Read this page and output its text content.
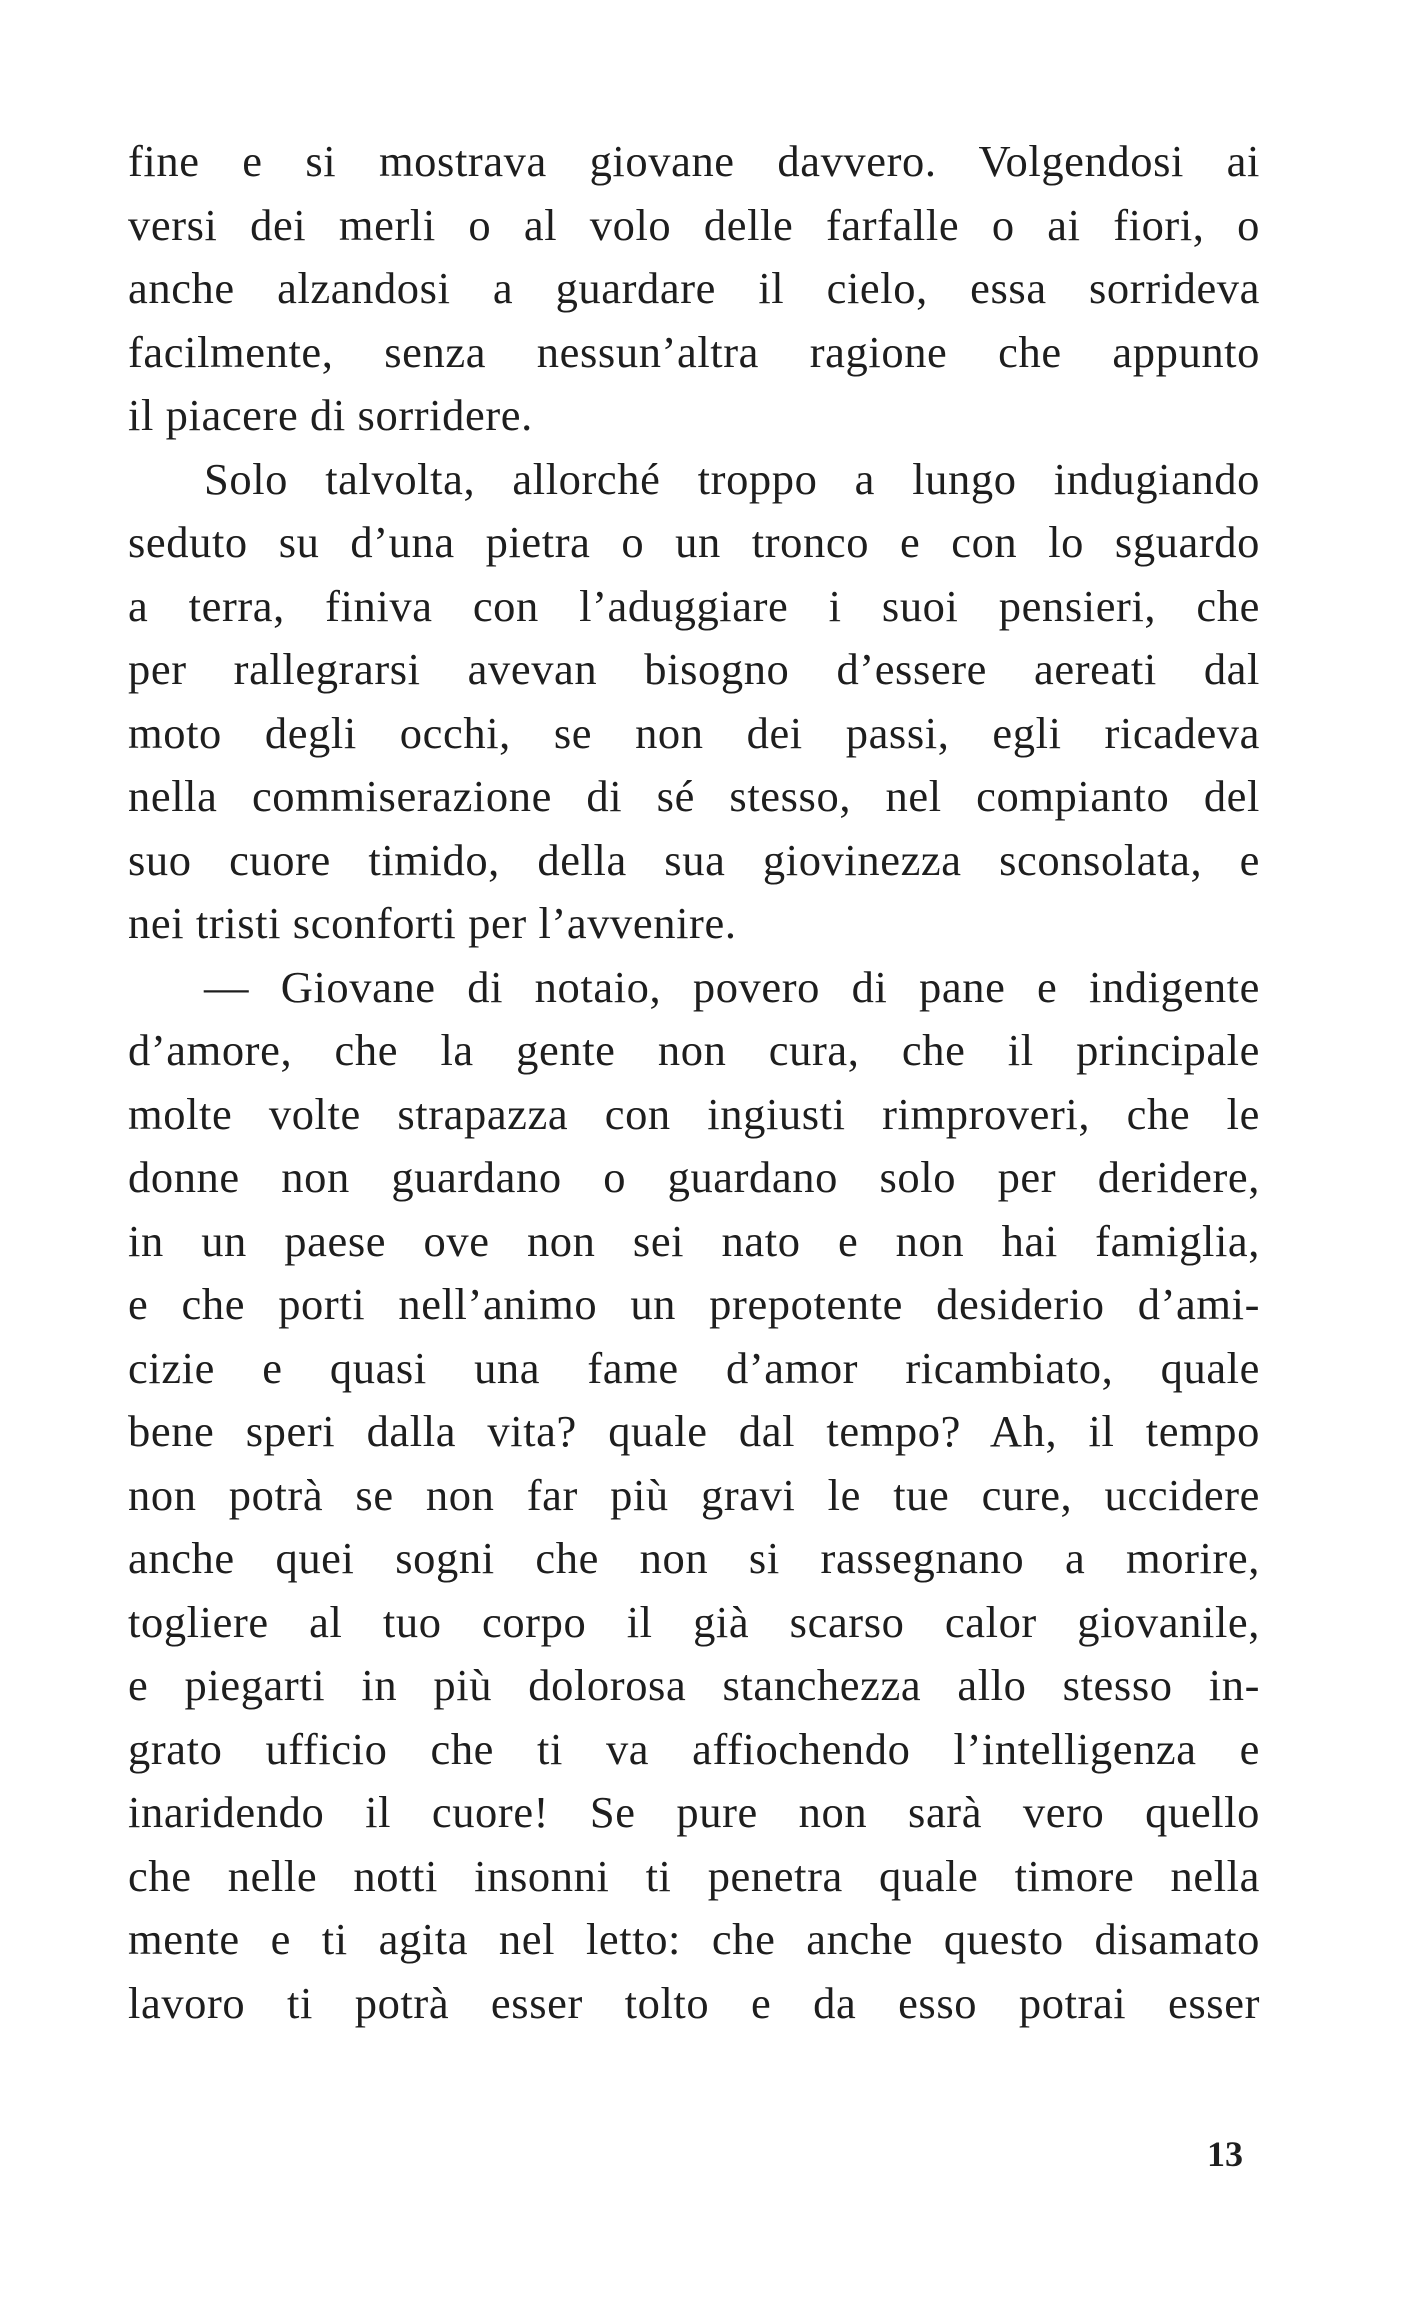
fine e si mostrava giovane davvero. Volgendosi ai
versi dei merli o al volo delle farfalle o ai fiori, o
anche alzandosi a guardare il cielo, essa sorrideva
facilmente, senza nessun’altra ragione che appunto
il piacere di sorridere.
Solo talvolta, allorché troppo a lungo indugiando
seduto su d’una pietra o un tronco e con lo sguardo
a terra, finiva con l’aduggiare i suoi pensieri, che
per rallegrarsi avevan bisogno d’essere aereati dal
moto degli occhi, se non dei passi, egli ricadeva
nella commiserazione di sé stesso, nel compianto del
suo cuore timido, della sua giovinezza sconsolata, e
nei tristi sconforti per l’avvenire.
— Giovane di notaio, povero di pane e indigente
d’amore, che la gente non cura, che il principale
molte volte strapazza con ingiusti rimproveri, che le
donne non guardano o guardano solo per deridere,
in un paese ove non sei nato e non hai famiglia,
e che porti nell’animo un prepotente desiderio d’ami-
cizie e quasi una fame d’amor ricambiato, quale
bene speri dalla vita? quale dal tempo? Ah, il tempo
non potrà se non far più gravi le tue cure, uccidere
anche quei sogni che non si rassegnano a morire,
togliere al tuo corpo il già scarso calor giovanile,
e piegarti in più dolorosa stanchezza allo stesso in-
grato ufficio che ti va affiochendo l’intelligenza e
inaridendo il cuore! Se pure non sarà vero quello
che nelle notti insonni ti penetra quale timore nella
mente e ti agita nel letto: che anche questo disamato
lavoro ti potrà esser tolto e da esso potrai esser
13
